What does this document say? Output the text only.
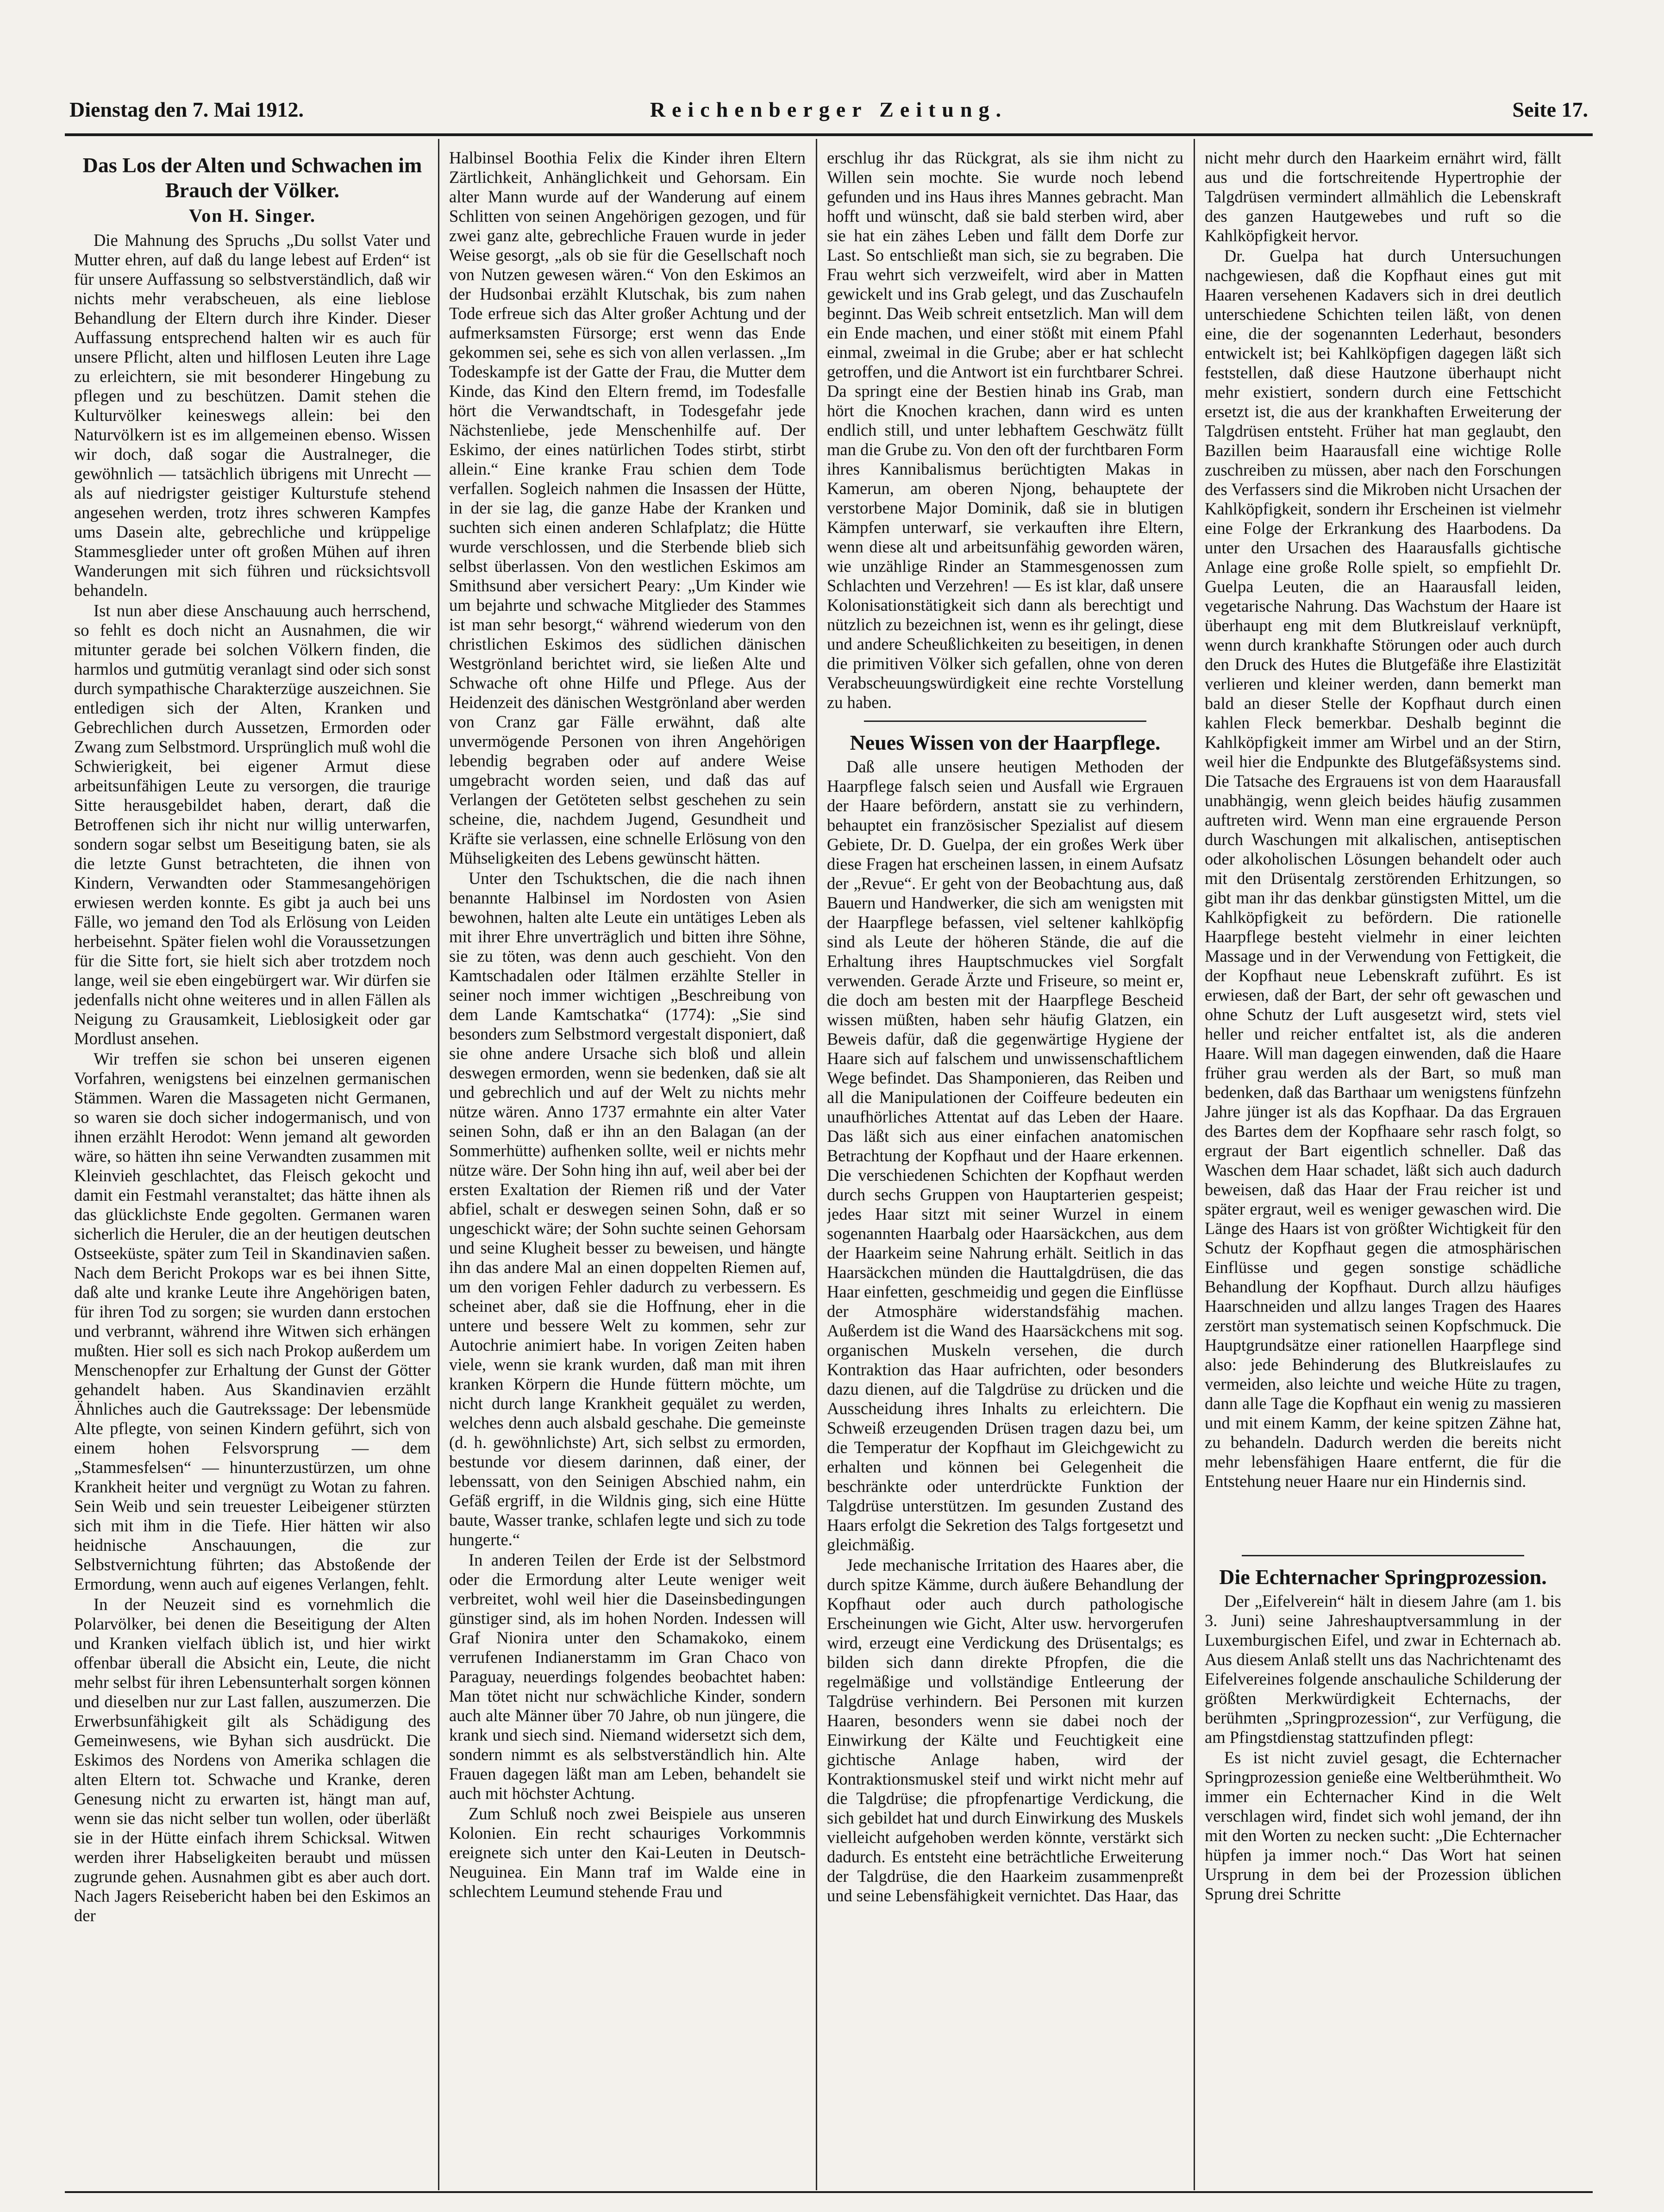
Dienstag den 7. Mai 1912.	Reichenberger Zeitung.	Seite 17.
Das Los der Alten und Schwachen im Brauch der Völker.
Von H. Singer.

Die Mahnung des Spruchs „Du sollst Vater und Mutter ehren, auf daß du lange lebest auf Erden“ ist für unsere Auffassung so selbstverständlich, daß wir nichts mehr verabscheuen, als eine lieblose Behandlung der Eltern durch ihre Kinder. Dieser Auffassung entsprechend halten wir es auch für unsere Pflicht, alten und hilflosen Leuten ihre Lage zu erleichtern, sie mit besonderer Hingebung zu pflegen und zu beschützen. Damit stehen die Kulturvölker keineswegs allein: bei den Naturvölkern ist es im allgemeinen ebenso. Wissen wir doch, daß sogar die Australneger, die gewöhnlich — tatsächlich übrigens mit Unrecht — als auf niedrigster geistiger Kulturstufe stehend angesehen werden, trotz ihres schweren Kampfes ums Dasein alte, gebrechliche und krüppelige Stammesglieder unter oft großen Mühen auf ihren Wanderungen mit sich führen und rücksichtsvoll behandeln.

Ist nun aber diese Anschauung auch herrschend, so fehlt es doch nicht an Ausnahmen, die wir mitunter gerade bei solchen Völkern finden, die harmlos und gutmütig veranlagt sind oder sich sonst durch sympathische Charakterzüge auszeichnen. Sie entledigen sich der Alten, Kranken und Gebrechlichen durch Aussetzen, Ermorden oder Zwang zum Selbstmord. Ursprünglich muß wohl die Schwierigkeit, bei eigener Armut diese arbeitsunfähigen Leute zu versorgen, die traurige Sitte herausgebildet haben, derart, daß die Betroffenen sich ihr nicht nur willig unterwarfen, sondern sogar selbst um Beseitigung baten, sie als die letzte Gunst betrachteten, die ihnen von Kindern, Verwandten oder Stammesangehörigen erwiesen werden konnte. Es gibt ja auch bei uns Fälle, wo jemand den Tod als Erlösung von Leiden herbeisehnt. Später fielen wohl die Voraussetzungen für die Sitte fort, sie hielt sich aber trotzdem noch lange, weil sie eben eingebürgert war. Wir dürfen sie jedenfalls nicht ohne weiteres und in allen Fällen als Neigung zu Grausamkeit, Lieblosigkeit oder gar Mordlust ansehen.

Wir treffen sie schon bei unseren eigenen Vorfahren, wenigstens bei einzelnen germanischen Stämmen. Waren die Massageten nicht Germanen, so waren sie doch sicher indogermanisch, und von ihnen erzählt Herodot: Wenn jemand alt geworden wäre, so hätten ihn seine Verwandten zusammen mit Kleinvieh geschlachtet, das Fleisch gekocht und damit ein Festmahl veranstaltet; das hätte ihnen als das glücklichste Ende gegolten. Germanen waren sicherlich die Heruler, die an der heutigen deutschen Ostseeküste, später zum Teil in Skandinavien saßen. Nach dem Bericht Prokops war es bei ihnen Sitte, daß alte und kranke Leute ihre Angehörigen baten, für ihren Tod zu sorgen; sie wurden dann erstochen und verbrannt, während ihre Witwen sich erhängen mußten. Hier soll es sich nach Prokop außerdem um Menschenopfer zur Erhaltung der Gunst der Götter gehandelt haben. Aus Skandinavien erzählt Ähnliches auch die Gautrekssage: Der lebensmüde Alte pflegte, von seinen Kindern geführt, sich von einem hohen Felsvorsprung — dem „Stammesfelsen“ — hinunterzustürzen, um ohne Krankheit heiter und vergnügt zu Wotan zu fahren. Sein Weib und sein treuester Leibeigener stürzten sich mit ihm in die Tiefe. Hier hätten wir also heidnische Anschauungen, die zur Selbstvernichtung führten; das Abstoßende der Ermordung, wenn auch auf eigenes Verlangen, fehlt.

In der Neuzeit sind es vornehmlich die Polarvölker, bei denen die Beseitigung der Alten und Kranken vielfach üblich ist, und hier wirkt offenbar überall die Absicht ein, Leute, die nicht mehr selbst für ihren Lebensunterhalt sorgen können und dieselben nur zur Last fallen, auszumerzen. Die Erwerbsunfähigkeit gilt als Schädigung des Gemeinwesens, wie Byhan sich ausdrückt. Die Eskimos des Nordens von Amerika schlagen die alten Eltern tot. Schwache und Kranke, deren Genesung nicht zu erwarten ist, hängt man auf, wenn sie das nicht selber tun wollen, oder überläßt sie in der Hütte einfach ihrem Schicksal. Witwen werden ihrer Habseligkeiten beraubt und müssen zugrunde gehen. Ausnahmen gibt es aber auch dort. Nach Jagers Reisebericht haben bei den Eskimos an der

Halbinsel Boothia Felix die Kinder ihren Eltern Zärtlichkeit, Anhänglichkeit und Gehorsam. Ein alter Mann wurde auf der Wanderung auf einem Schlitten von seinen Angehörigen gezogen, und für zwei ganz alte, gebrechliche Frauen wurde in jeder Weise gesorgt, „als ob sie für die Gesellschaft noch von Nutzen gewesen wären.“ Von den Eskimos an der Hudsonbai erzählt Klutschak, bis zum nahen Tode erfreue sich das Alter großer Achtung und der aufmerksamsten Fürsorge; erst wenn das Ende gekommen sei, sehe es sich von allen verlassen. „Im Todeskampfe ist der Gatte der Frau, die Mutter dem Kinde, das Kind den Eltern fremd, im Todesfalle hört die Verwandtschaft, in Todesgefahr jede Nächstenliebe, jede Menschenhilfe auf. Der Eskimo, der eines natürlichen Todes stirbt, stirbt allein.“ Eine kranke Frau schien dem Tode verfallen. Sogleich nahmen die Insassen der Hütte, in der sie lag, die ganze Habe der Kranken und suchten sich einen anderen Schlafplatz; die Hütte wurde verschlossen, und die Sterbende blieb sich selbst überlassen. Von den westlichen Eskimos am Smithsund aber versichert Peary: „Um Kinder wie um bejahrte und schwache Mitglieder des Stammes ist man sehr besorgt,“ während wiederum von den christlichen Eskimos des südlichen dänischen Westgrönland berichtet wird, sie ließen Alte und Schwache oft ohne Hilfe und Pflege. Aus der Heidenzeit des dänischen Westgrönland aber werden von Cranz gar Fälle erwähnt, daß alte unvermögende Personen von ihren Angehörigen lebendig begraben oder auf andere Weise umgebracht worden seien, und daß das auf Verlangen der Getöteten selbst geschehen zu sein scheine, die, nachdem Jugend, Gesundheit und Kräfte sie verlassen, eine schnelle Erlösung von den Mühseligkeiten des Lebens gewünscht hätten.

Unter den Tschuktschen, die die nach ihnen benannte Halbinsel im Nordosten von Asien bewohnen, halten alte Leute ein untätiges Leben als mit ihrer Ehre unverträglich und bitten ihre Söhne, sie zu töten, was denn auch geschieht. Von den Kamtschadalen oder Itälmen erzählte Steller in seiner noch immer wichtigen „Beschreibung von dem Lande Kamtschatka“ (1774): „Sie sind besonders zum Selbstmord vergestalt disponiert, daß sie ohne andere Ursache sich bloß und allein deswegen ermorden, wenn sie bedenken, daß sie alt und gebrechlich und auf der Welt zu nichts mehr nütze wären. Anno 1737 ermahnte ein alter Vater seinen Sohn, daß er ihn an den Balagan (an der Sommerhütte) aufhenken sollte, weil er nichts mehr nütze wäre. Der Sohn hing ihn auf, weil aber bei der ersten Exaltation der Riemen riß und der Vater abfiel, schalt er deswegen seinen Sohn, daß er so ungeschickt wäre; der Sohn suchte seinen Gehorsam und seine Klugheit besser zu beweisen, und hängte ihn das andere Mal an einen doppelten Riemen auf, um den vorigen Fehler dadurch zu verbessern. Es scheinet aber, daß sie die Hoffnung, eher in die untere und bessere Welt zu kommen, sehr zur Autochrie animiert habe. In vorigen Zeiten haben viele, wenn sie krank wurden, daß man mit ihren kranken Körpern die Hunde füttern möchte, um nicht durch lange Krankheit gequälet zu werden, welches denn auch alsbald geschahe. Die gemeinste (d. h. gewöhnlichste) Art, sich selbst zu ermorden, bestunde vor diesem darinnen, daß einer, der lebenssatt, von den Seinigen Abschied nahm, ein Gefäß ergriff, in die Wildnis ging, sich eine Hütte baute, Wasser tranke, schlafen legte und sich zu tode hungerte.“

In anderen Teilen der Erde ist der Selbstmord oder die Ermordung alter Leute weniger weit verbreitet, wohl weil hier die Daseinsbedingungen günstiger sind, als im hohen Norden. Indessen will Graf Nionira unter den Schamakoko, einem verrufenen Indianerstamm im Gran Chaco von Paraguay, neuerdings folgendes beobachtet haben: Man tötet nicht nur schwächliche Kinder, sondern auch alte Männer über 70 Jahre, ob nun jüngere, die krank und siech sind. Niemand widersetzt sich dem, sondern nimmt es als selbstverständlich hin. Alte Frauen dagegen läßt man am Leben, behandelt sie auch mit höchster Achtung.

Zum Schluß noch zwei Beispiele aus unseren Kolonien. Ein recht schauriges Vorkommnis ereignete sich unter den Kai-Leuten in Deutsch-Neuguinea. Ein Mann traf im Walde eine in schlechtem Leumund stehende Frau und

erschlug ihr das Rückgrat, als sie ihm nicht zu Willen sein mochte. Sie wurde noch lebend gefunden und ins Haus ihres Mannes gebracht. Man hofft und wünscht, daß sie bald sterben wird, aber sie hat ein zähes Leben und fällt dem Dorfe zur Last. So entschließt man sich, sie zu begraben. Die Frau wehrt sich verzweifelt, wird aber in Matten gewickelt und ins Grab gelegt, und das Zuschaufeln beginnt. Das Weib schreit entsetzlich. Man will dem ein Ende machen, und einer stößt mit einem Pfahl einmal, zweimal in die Grube; aber er hat schlecht getroffen, und die Antwort ist ein furchtbarer Schrei. Da springt eine der Bestien hinab ins Grab, man hört die Knochen krachen, dann wird es unten endlich still, und unter lebhaftem Geschwätz füllt man die Grube zu. Von den oft der furchtbaren Form ihres Kannibalismus berüchtigten Makas in Kamerun, am oberen Njong, behauptete der verstorbene Major Dominik, daß sie in blutigen Kämpfen unterwarf, sie verkauften ihre Eltern, wenn diese alt und arbeitsunfähig geworden wären, wie unzählige Rinder an Stammesgenossen zum Schlachten und Verzehren! — Es ist klar, daß unsere Kolonisationstätigkeit sich dann als berechtigt und nützlich zu bezeichnen ist, wenn es ihr gelingt, diese und andere Scheußlichkeiten zu beseitigen, in denen die primitiven Völker sich gefallen, ohne von deren Verabscheuungswürdigkeit eine rechte Vorstellung zu haben.

Neues Wissen von der Haarpflege.

Daß alle unsere heutigen Methoden der Haarpflege falsch seien und Ausfall wie Ergrauen der Haare befördern, anstatt sie zu verhindern, behauptet ein französischer Spezialist auf diesem Gebiete, Dr. D. Guelpa, der ein großes Werk über diese Fragen hat erscheinen lassen, in einem Aufsatz der „Revue“. Er geht von der Beobachtung aus, daß Bauern und Handwerker, die sich am wenigsten mit der Haarpflege befassen, viel seltener kahlköpfig sind als Leute der höheren Stände, die auf die Erhaltung ihres Hauptschmuckes viel Sorgfalt verwenden. Gerade Ärzte und Friseure, so meint er, die doch am besten mit der Haarpflege Bescheid wissen müßten, haben sehr häufig Glatzen, ein Beweis dafür, daß die gegenwärtige Hygiene der Haare sich auf falschem und unwissenschaftlichem Wege befindet. Das Shamponieren, das Reiben und all die Manipulationen der Coiffeure bedeuten ein unaufhörliches Attentat auf das Leben der Haare. Das läßt sich aus einer einfachen anatomischen Betrachtung der Kopfhaut und der Haare erkennen. Die verschiedenen Schichten der Kopfhaut werden durch sechs Gruppen von Hauptarterien gespeist; jedes Haar sitzt mit seiner Wurzel in einem sogenannten Haarbalg oder Haarsäckchen, aus dem der Haarkeim seine Nahrung erhält. Seitlich in das Haarsäckchen münden die Hauttalgdrüsen, die das Haar einfetten, geschmeidig und gegen die Einflüsse der Atmosphäre widerstandsfähig machen. Außerdem ist die Wand des Haarsäckchens mit sog. organischen Muskeln versehen, die durch Kontraktion das Haar aufrichten, oder besonders dazu dienen, auf die Talgdrüse zu drücken und die Ausscheidung ihres Inhalts zu erleichtern. Die Schweiß erzeugenden Drüsen tragen dazu bei, um die Temperatur der Kopfhaut im Gleichgewicht zu erhalten und können bei Gelegenheit die beschränkte oder unterdrückte Funktion der Talgdrüse unterstützen. Im gesunden Zustand des Haars erfolgt die Sekretion des Talgs fortgesetzt und gleichmäßig.

Jede mechanische Irritation des Haares aber, die durch spitze Kämme, durch äußere Behandlung der Kopfhaut oder auch durch pathologische Erscheinungen wie Gicht, Alter usw. hervorgerufen wird, erzeugt eine Verdickung des Drüsentalgs; es bilden sich dann direkte Pfropfen, die die regelmäßige und vollständige Entleerung der Talgdrüse verhindern. Bei Personen mit kurzen Haaren, besonders wenn sie dabei noch der Einwirkung der Kälte und Feuchtigkeit eine gichtische Anlage haben, wird der Kontraktionsmuskel steif und wirkt nicht mehr auf die Talgdrüse; die pfropfenartige Verdickung, die sich gebildet hat und durch Einwirkung des Muskels vielleicht aufgehoben werden könnte, verstärkt sich dadurch. Es entsteht eine beträchtliche Erweiterung der Talgdrüse, die den Haarkeim zusammenpreßt und seine Lebensfähigkeit vernichtet. Das Haar, das

nicht mehr durch den Haarkeim ernährt wird, fällt aus und die fortschreitende Hypertrophie der Talgdrüsen vermindert allmählich die Lebenskraft des ganzen Hautgewebes und ruft so die Kahlköpfigkeit hervor.

Dr. Guelpa hat durch Untersuchungen nachgewiesen, daß die Kopfhaut eines gut mit Haaren versehenen Kadavers sich in drei deutlich unterschiedene Schichten teilen läßt, von denen eine, die der sogenannten Lederhaut, besonders entwickelt ist; bei Kahlköpfigen dagegen läßt sich feststellen, daß diese Hautzone überhaupt nicht mehr existiert, sondern durch eine Fettschicht ersetzt ist, die aus der krankhaften Erweiterung der Talgdrüsen entsteht. Früher hat man geglaubt, den Bazillen beim Haarausfall eine wichtige Rolle zuschreiben zu müssen, aber nach den Forschungen des Verfassers sind die Mikroben nicht Ursachen der Kahlköpfigkeit, sondern ihr Erscheinen ist vielmehr eine Folge der Erkrankung des Haarbodens. Da unter den Ursachen des Haarausfalls gichtische Anlage eine große Rolle spielt, so empfiehlt Dr. Guelpa Leuten, die an Haarausfall leiden, vegetarische Nahrung. Das Wachstum der Haare ist überhaupt eng mit dem Blutkreislauf verknüpft, wenn durch krankhafte Störungen oder auch durch den Druck des Hutes die Blutgefäße ihre Elastizität verlieren und kleiner werden, dann bemerkt man bald an dieser Stelle der Kopfhaut durch einen kahlen Fleck bemerkbar. Deshalb beginnt die Kahlköpfigkeit immer am Wirbel und an der Stirn, weil hier die Endpunkte des Blutgefäßsystems sind. Die Tatsache des Ergrauens ist von dem Haarausfall unabhängig, wenn gleich beides häufig zusammen auftreten wird. Wenn man eine ergrauende Person durch Waschungen mit alkalischen, antiseptischen oder alkoholischen Lösungen behandelt oder auch mit den Drüsentalg zerstörenden Erhitzungen, so gibt man ihr das denkbar günstigsten Mittel, um die Kahlköpfigkeit zu befördern. Die rationelle Haarpflege besteht vielmehr in einer leichten Massage und in der Verwendung von Fettigkeit, die der Kopfhaut neue Lebenskraft zuführt. Es ist erwiesen, daß der Bart, der sehr oft gewaschen und ohne Schutz der Luft ausgesetzt wird, stets viel heller und reicher entfaltet ist, als die anderen Haare. Will man dagegen einwenden, daß die Haare früher grau werden als der Bart, so muß man bedenken, daß das Barthaar um wenigstens fünfzehn Jahre jünger ist als das Kopfhaar. Da das Ergrauen des Bartes dem der Kopfhaare sehr rasch folgt, so ergraut der Bart eigentlich schneller. Daß das Waschen dem Haar schadet, läßt sich auch dadurch beweisen, daß das Haar der Frau reicher ist und später ergraut, weil es weniger gewaschen wird. Die Länge des Haars ist von größter Wichtigkeit für den Schutz der Kopfhaut gegen die atmosphärischen Einflüsse und gegen sonstige schädliche Behandlung der Kopfhaut. Durch allzu häufiges Haarschneiden und allzu langes Tragen des Haares zerstört man systematisch seinen Kopfschmuck. Die Hauptgrundsätze einer rationellen Haarpflege sind also: jede Behinderung des Blutkreislaufes zu vermeiden, also leichte und weiche Hüte zu tragen, dann alle Tage die Kopfhaut ein wenig zu massieren und mit einem Kamm, der keine spitzen Zähne hat, zu behandeln. Dadurch werden die bereits nicht mehr lebensfähigen Haare entfernt, die für die Entstehung neuer Haare nur ein Hindernis sind.

Die Echternacher Springprozession.

Der „Eifelverein“ hält in diesem Jahre (am 1. bis 3. Juni) seine Jahreshauptversammlung in der Luxemburgischen Eifel, und zwar in Echternach ab. Aus diesem Anlaß stellt uns das Nachrichtenamt des Eifelvereines folgende anschauliche Schilderung der größten Merkwürdigkeit Echternachs, der berühmten „Springprozession“, zur Verfügung, die am Pfingstdienstag stattzufinden pflegt:

Es ist nicht zuviel gesagt, die Echternacher Springprozession genieße eine Weltberühmtheit. Wo immer ein Echternacher Kind in die Welt verschlagen wird, findet sich wohl jemand, der ihn mit den Worten zu necken sucht: „Die Echternacher hüpfen ja immer noch.“ Das Wort hat seinen Ursprung in dem bei der Prozession üblichen Sprung drei Schritte
